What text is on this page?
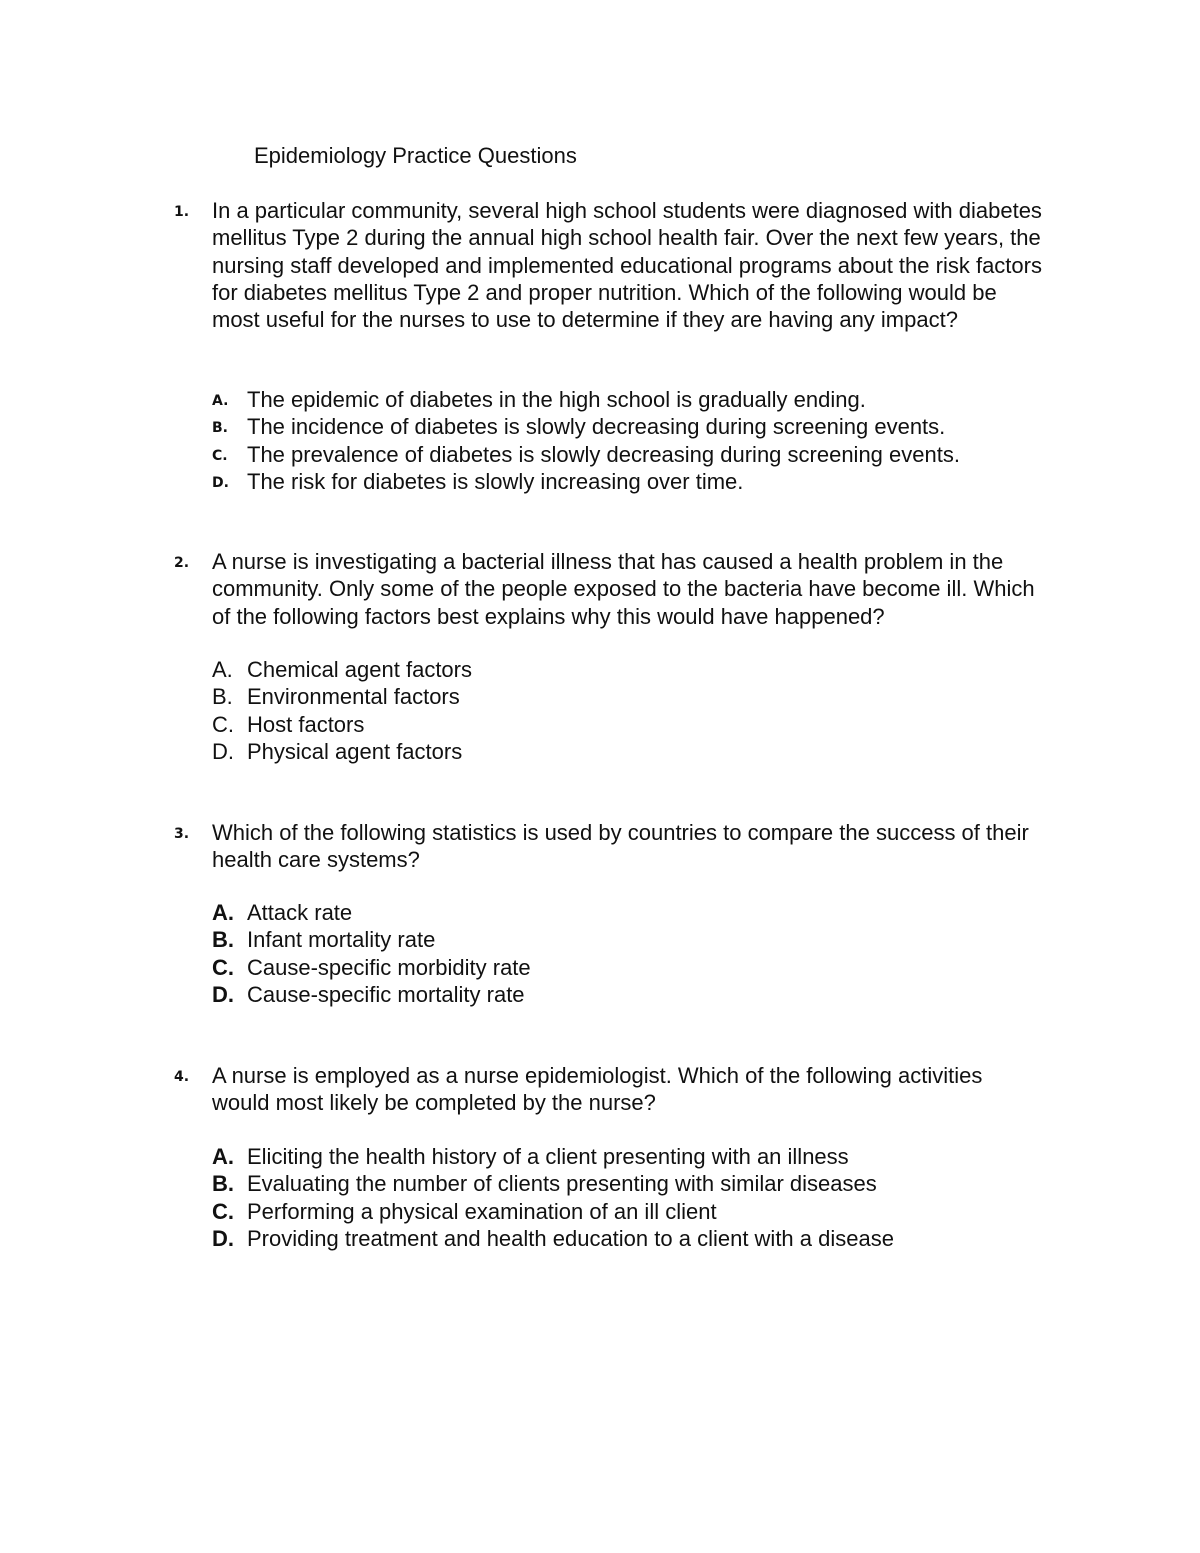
Epidemiology Practice Questions
1. In a particular community, several high school students were diagnosed with diabetes mellitus Type 2 during the annual high school health fair. Over the next few years, the nursing staff developed and implemented educational programs about the risk factors for diabetes mellitus Type 2 and proper nutrition. Which of the following would be most useful for the nurses to use to determine if they are having any impact?

A. The epidemic of diabetes in the high school is gradually ending.
B. The incidence of diabetes is slowly decreasing during screening events.
C. The prevalence of diabetes is slowly decreasing during screening events.
D. The risk for diabetes is slowly increasing over time.
2. A nurse is investigating a bacterial illness that has caused a health problem in the community. Only some of the people exposed to the bacteria have become ill. Which of the following factors best explains why this would have happened?

A. Chemical agent factors
B. Environmental factors
C. Host factors
D. Physical agent factors
3. Which of the following statistics is used by countries to compare the success of their health care systems?

A. Attack rate
B. Infant mortality rate
C. Cause-specific morbidity rate
D. Cause-specific mortality rate
4. A nurse is employed as a nurse epidemiologist. Which of the following activities would most likely be completed by the nurse?

A. Eliciting the health history of a client presenting with an illness
B. Evaluating the number of clients presenting with similar diseases
C. Performing a physical examination of an ill client
D. Providing treatment and health education to a client with a disease
